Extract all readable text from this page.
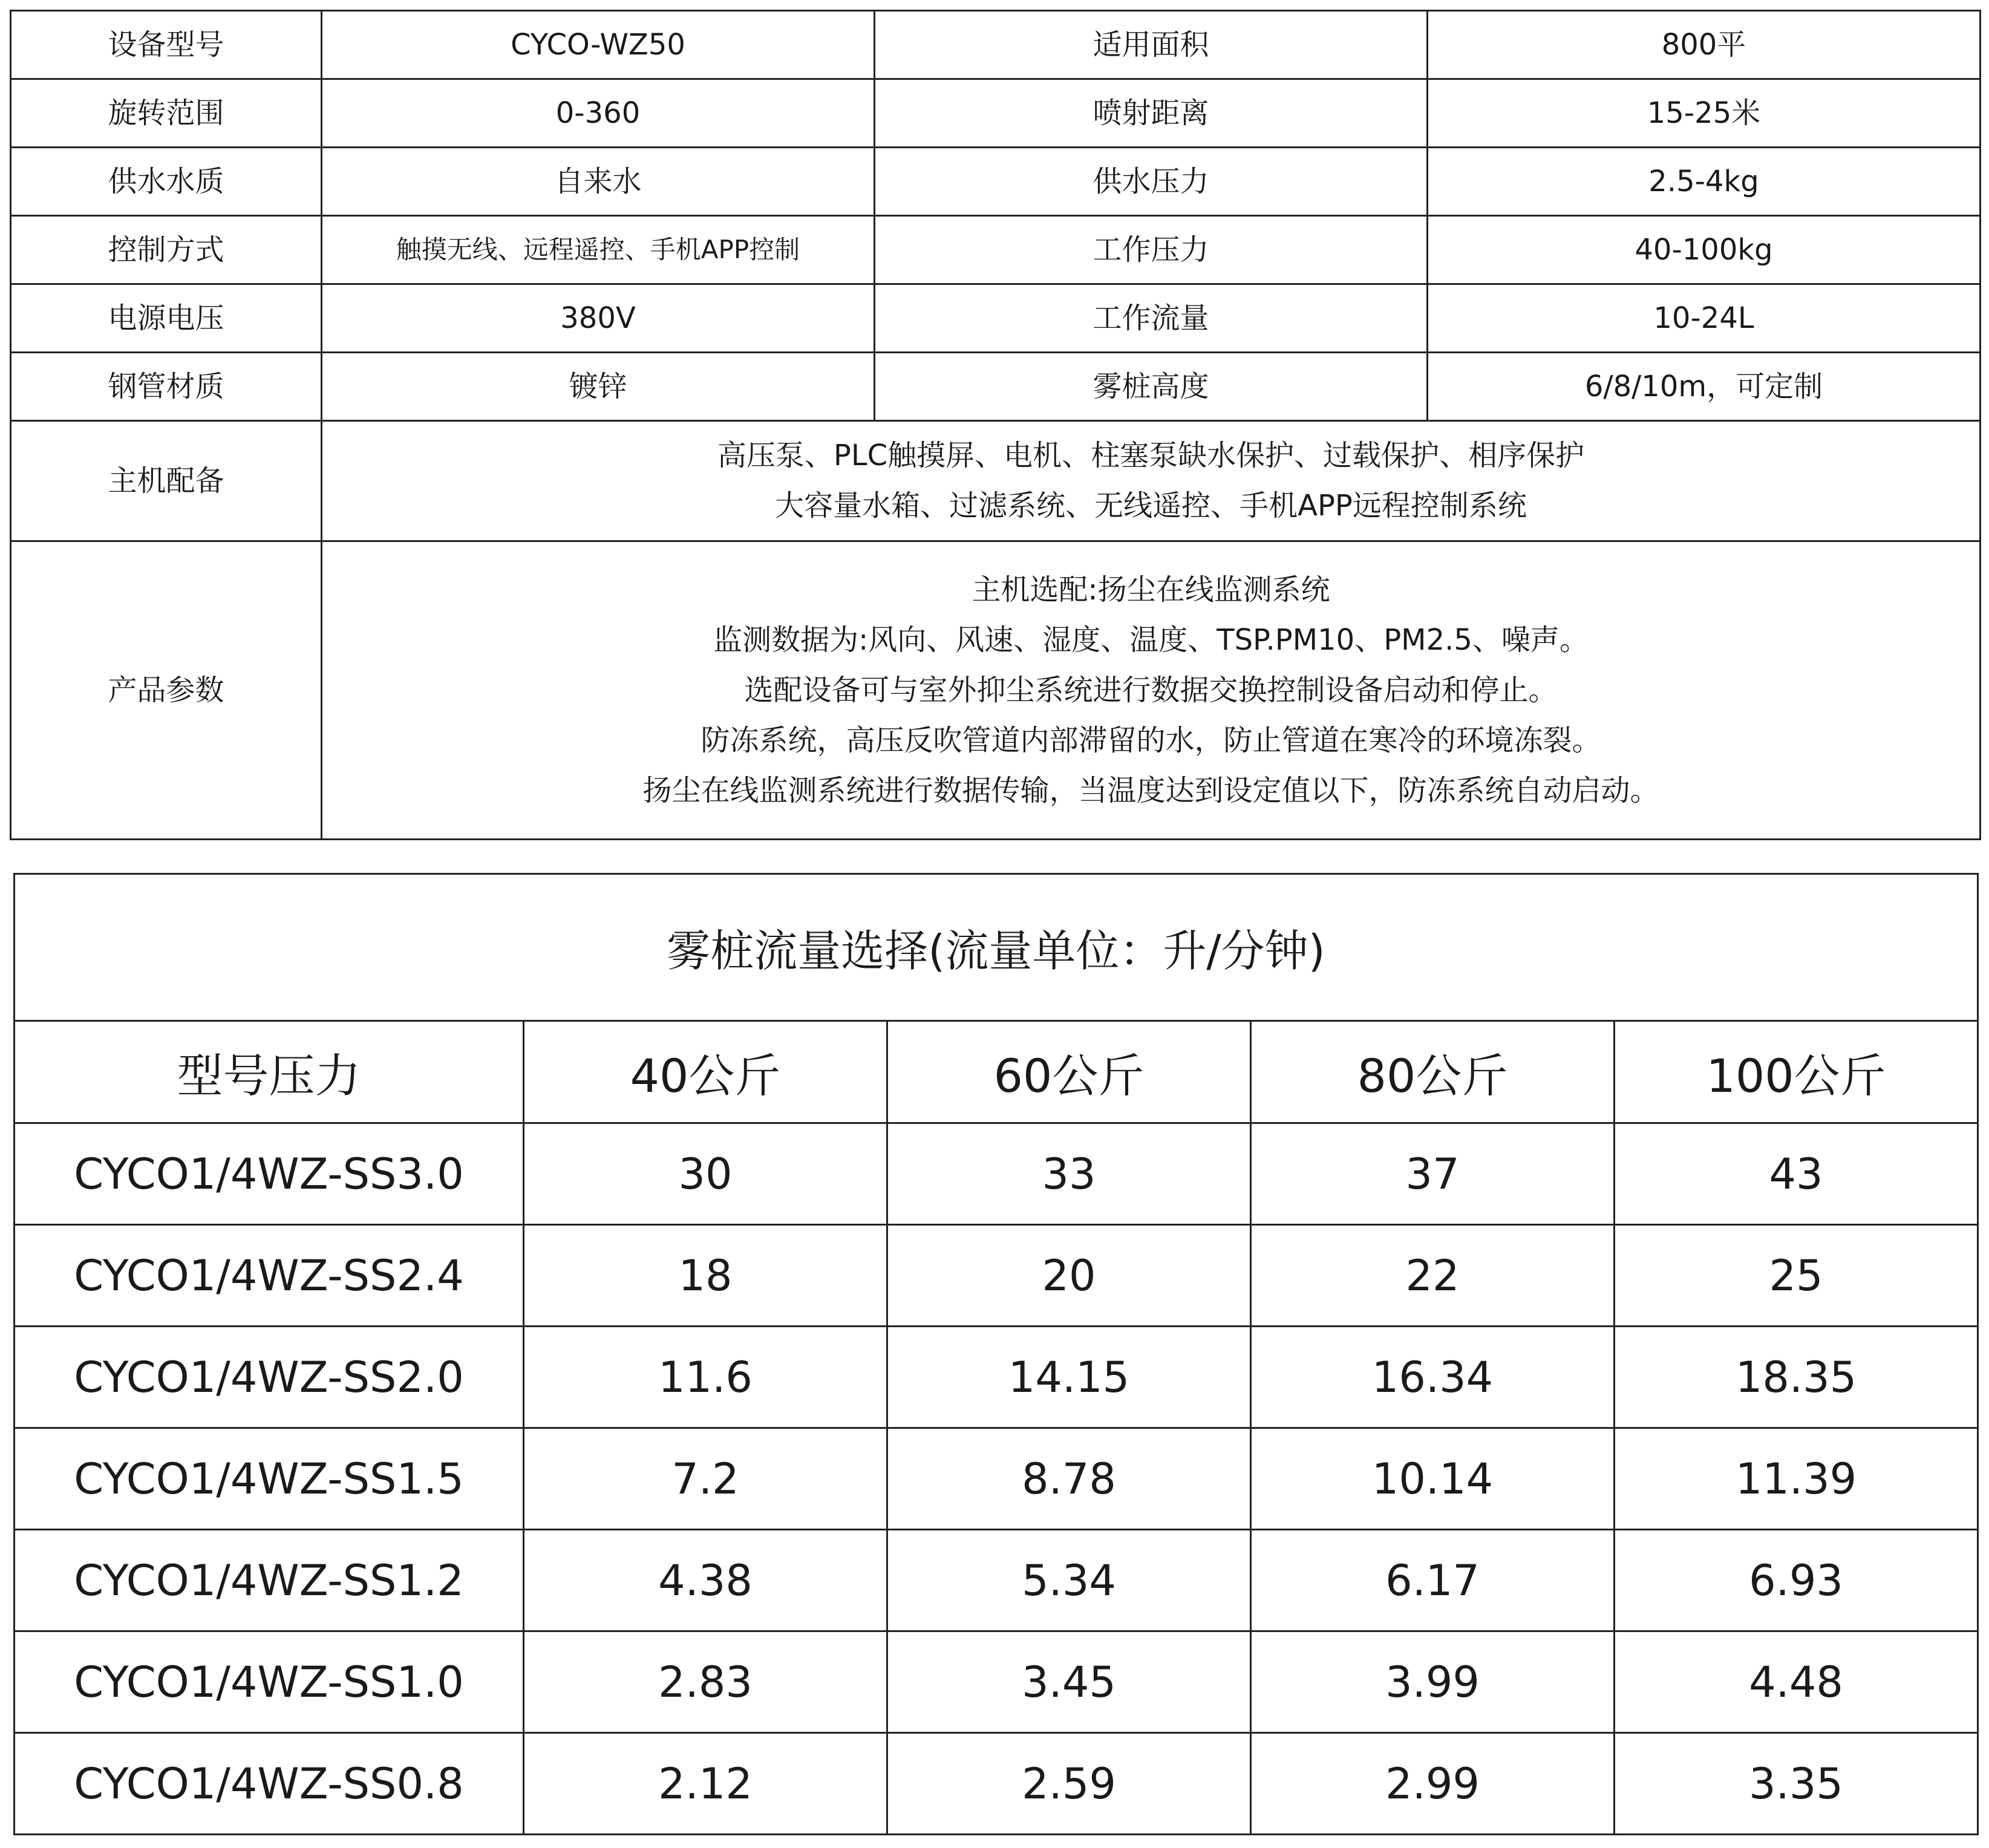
设备型号	CYCO-WZ50	适用面积	800平
旋转范围	0-360	喷射距离	15-25米
供水水质	自来水	供水压力	2.5-4kg
控制方式	触摸无线、远程遥控、手机APP控制	工作压力	40-100kg
电源电压	380V	工作流量	10-24L
钢管材质	镀锌	雾桩高度	6/8/10m，可定制
主机配备	高压泵、PLC触摸屏、电机、柱塞泵缺水保护、过载保护、相序保护
大容量水箱、过滤系统、无线遥控、手机APP远程控制系统		

产品参数	主机选配:扬尘在线监测系统
监测数据为:风向、风速、湿度、温度、TSP.PM10、PM2.5、噪声。
选配设备可与室外抑尘系统进行数据交换控制设备启动和停止。
防冻系统，高压反吹管道内部滞留的水，防止管道在寒冷的环境冻裂。
扬尘在线监测系统进行数据传输，当温度达到设定值以下，防冻系统自动启动。		
雾桩流量选择(流量单位：升/分钟)				
型号压力	40公斤	60公斤	80公斤	100公斤
CYCO1/4WZ-SS3.0	30	33	37	43
CYCO1/4WZ-SS2.4	18	20	22	25
CYCO1/4WZ-SS2.0	11.6	14.15	16.34	18.35
CYCO1/4WZ-SS1.5	7.2	8.78	10.14	11.39
CYCO1/4WZ-SS1.2	4.38	5.34	6.17	6.93
CYCO1/4WZ-SS1.0	2.83	3.45	3.99	4.48
CYCO1/4WZ-SS0.8	2.12	2.59	2.99	3.35
